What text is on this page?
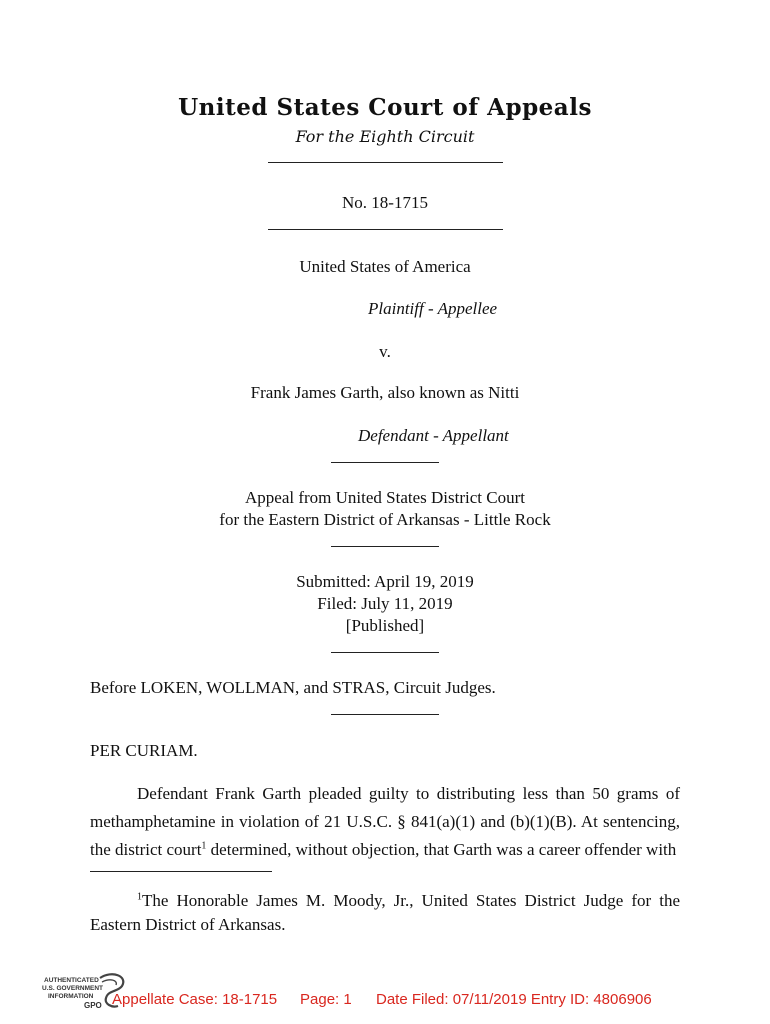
United States Court of Appeals
For the Eighth Circuit
No. 18-1715
United States of America
Plaintiff - Appellee
v.
Frank James Garth, also known as Nitti
Defendant - Appellant
Appeal from United States District Court
for the Eastern District of Arkansas - Little Rock
Submitted: April 19, 2019
Filed: July 11, 2019
[Published]
Before LOKEN, WOLLMAN, and STRAS, Circuit Judges.
PER CURIAM.
Defendant Frank Garth pleaded guilty to distributing less than 50 grams of methamphetamine in violation of 21 U.S.C. § 841(a)(1) and (b)(1)(B). At sentencing, the district court$^1$ determined, without objection, that Garth was a career offender with
$^1$The Honorable James M. Moody, Jr., United States District Judge for the Eastern District of Arkansas.
AUTHENTICATED
U.S. GOVERNMENT
INFORMATION
GPO Appellate Case: 18-1715 Page: 1 Date Filed: 07/11/2019 Entry ID: 4806906
